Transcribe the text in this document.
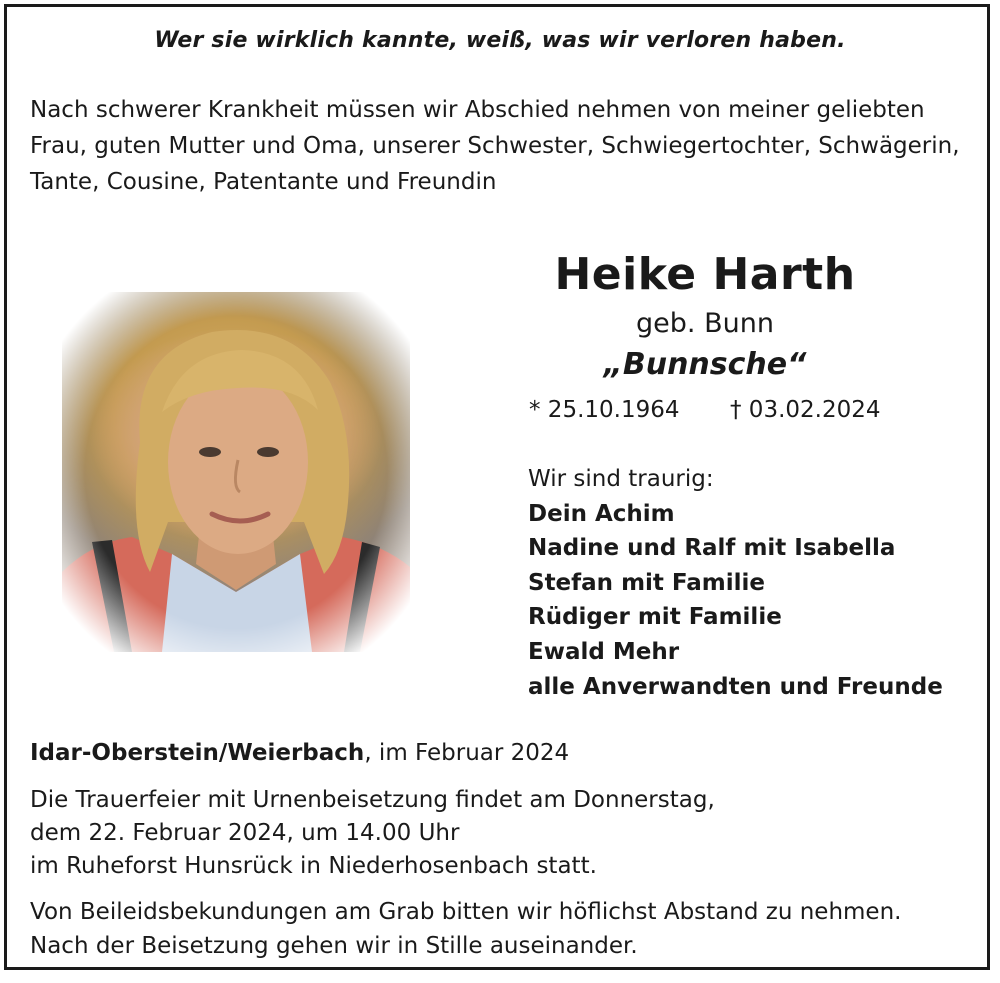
Wer sie wirklich kannte, weiß, was wir verloren haben.
Nach schwerer Krankheit müssen wir Abschied nehmen von meiner geliebten
Frau, guten Mutter und Oma, unserer Schwester, Schwiegertochter, Schwägerin,
Tante, Cousine, Patentante und Freundin
Heike Harth
geb. Bunn
„Bunnsche“
* 25.10.1964 † 03.02.2024
Wir sind traurig:
Dein Achim
Nadine und Ralf mit Isabella
Stefan mit Familie
Rüdiger mit Familie
Ewald Mehr
alle Anverwandten und Freunde
Idar-Oberstein/Weierbach, im Februar 2024
Die Trauerfeier mit Urnenbeisetzung findet am Donnerstag,
dem 22. Februar 2024, um 14.00 Uhr
im Ruheforst Hunsrück in Niederhosenbach statt.
Von Beileidsbekundungen am Grab bitten wir höflichst Abstand zu nehmen.
Nach der Beisetzung gehen wir in Stille auseinander.
